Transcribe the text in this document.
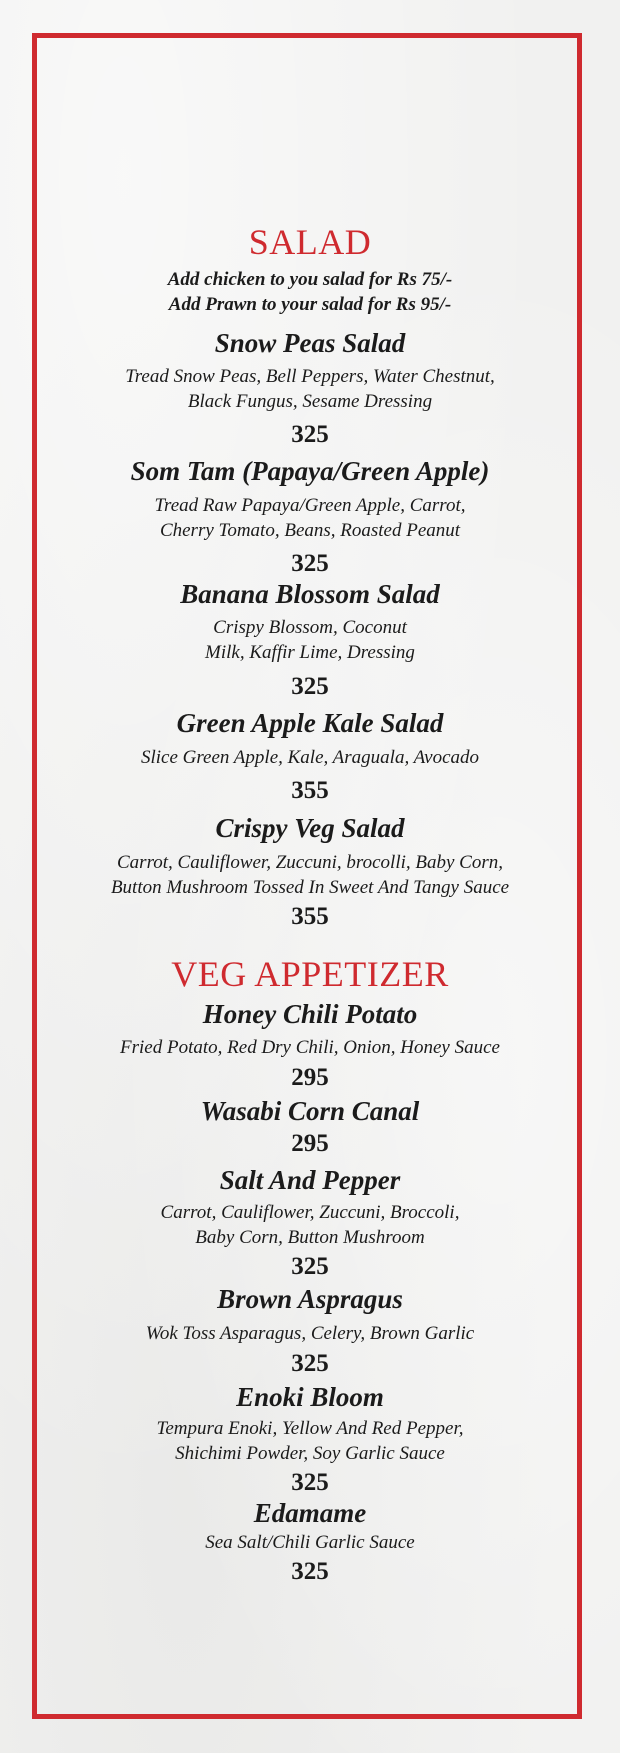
SALAD
Add chicken to you salad for Rs 75/-
Add Prawn to your salad for Rs 95/-
Snow Peas Salad
Tread Snow Peas, Bell Peppers, Water Chestnut,
Black Fungus, Sesame Dressing
325
Som Tam (Papaya/Green Apple)
Tread Raw Papaya/Green Apple, Carrot,
Cherry Tomato, Beans, Roasted Peanut
325
Banana Blossom Salad
Crispy Blossom, Coconut
Milk, Kaffir Lime, Dressing
325
Green Apple Kale Salad
Slice Green Apple, Kale, Araguala, Avocado
355
Crispy Veg Salad
Carrot, Cauliflower, Zuccuni, brocolli, Baby Corn,
Button Mushroom Tossed In Sweet And Tangy Sauce
355
VEG APPETIZER
Honey Chili Potato
Fried Potato, Red Dry Chili, Onion, Honey Sauce
295
Wasabi Corn Canal
295
Salt And Pepper
Carrot, Cauliflower, Zuccuni, Broccoli,
Baby Corn, Button Mushroom
325
Brown Aspragus
Wok Toss Asparagus, Celery, Brown Garlic
325
Enoki Bloom
Tempura Enoki, Yellow And Red Pepper,
Shichimi Powder, Soy Garlic Sauce
325
Edamame
Sea Salt/Chili Garlic Sauce
325
